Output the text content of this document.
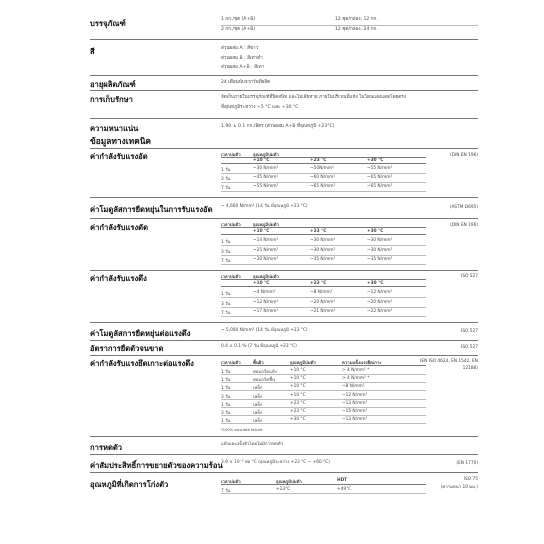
บรรจุภัณฑ์	1 กก./ชุด (A+B)	12 ชุด/กล่อง, 12 กก.
2 กก./ชุด (A+B)	12 ชุด/กล่อง, 24 กก.
สี	ส่วนผสม A : สีขาว
ส่วนผสม B : สีเทาดำ
ส่วนผสม A+B : สีเทา
อายุผลิตภัณฑ์	24 เดือนนับจากวันที่ผลิต
การเก็บรักษา	จัดเก็บภายในบรรจุภัณฑ์ที่ปิดสนิท และไม่เสียหาย ภายในบริเวณที่แห้ง ไม่โดนแสงแดดโดยตรง
ที่อุณหภูมิระหว่าง +5 °C และ +30 °C
ความหนาแน่น	1.90 ± 0.1 กก./ลิตร (ส่วนผสม A+B ที่อุณหภูมิ +23°C)
ข้อมูลทางเทคนิค
ค่ากำลังรับแรงอัด	(DIN EN 196)
เวลาบ่มตัว	อุณหภูมิบ่มตัว
+10 °C	+23 °C	+30 °C
1 วัน	~30 N/mm²	~50N/mm²	~55 N/mm²
3 วัน	~45 N/mm²	~60 N/mm²	~65 N/mm²
7 วัน	~55 N/mm²	~65 N/mm²	~65 N/mm²
ค่าโมดูลัสการยืดหยุ่นในการรับแรงอัด ~ 4,600 N/mm² (14 วัน ที่อุณหภูมิ +23 °C)	(ASTM D695)
ค่ากำลังรับแรงดัด	(DIN EN 196)
เวลาบ่มตัว	อุณหภูมิบ่มตัว
+10 °C	+23 °C	+30 °C
1 วัน	~14 N/mm²	~30 N/mm²	~30 N/mm²
3 วัน	~25 N/mm²	~30 N/mm²	~30 N/mm²
7 วัน	~30 N/mm²	~35 N/mm²	~35 N/mm²
ค่ากำลังรับแรงดึง	ISO 527
เวลาบ่มตัว	อุณหภูมิบ่มตัว
+10 °C	+23 °C	+30 °C
1 วัน	~4 N/mm²	~8 N/mm²	~12 N/mm²
3 วัน	~12 N/mm²	~20 N/mm²	~20 N/mm²
7 วัน	~17 N/mm²	~21 N/mm²	~22 N/mm²
ค่าโมดูลัสการยืดหยุ่นต่อแรงดึง	~ 5,000 N/mm² (14 วัน ที่อุณหภูมิ +23 °C)	ISO 527
อัตราการยืดตัวจนขาด	0.4 ± 0.1 % (7 วัน ที่อุณหภูมิ +23 °C)	ISO 527
ค่ากำลังรับแรงยึดเกาะต่อแรงดึง	(EN ISO 4624, EN 1542, EN
12188)
เวลาบ่มตัว	พื้นผิว	อุณหภูมิบ่มตัว	ความแข็งแรงยึดเกาะ
1 วัน	คอนกรีตแห้ง	+10 °C	> 4 N/mm² *
1 วัน	คอนกรีตชื้น	+10 °C	> 4 N/mm² *
1 วัน	เหล็ก	+10 °C	~8 N/mm²
3 วัน	เหล็ก	+10 °C	~12 N/mm²
1 วัน	เหล็ก	+23 °C	~13 N/mm²
3 วัน	เหล็ก	+23 °C	~15 N/mm²
1 วัน	เหล็ก	+30 °C	~13 N/mm²
*100% concrete failure
การหดตัว	แห้งและแข็งตัวโดยไม่มีการหดตัว
ค่าสัมประสิทธิ์การขยายตัวของความร้อน
3.9 × 10⁻⁵ ต่อ °C (อุณหภูมิระหว่าง +23 °C ~ +60 °C)	(EN 1770)
อุณหภูมิที่เกิดการโก่งตัว
ISO 75
(ความหนา 10 มม.)
เวลาบ่มตัว	อุณหภูมิบ่มตัว	HDT
7 วัน	+23°C	+49°C
